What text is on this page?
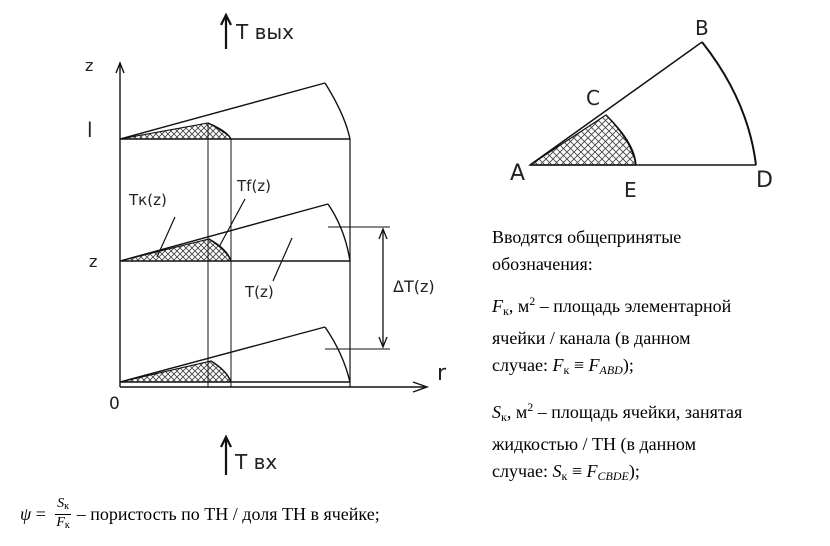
T вых
z
r
l
z
0
ΔT(z)
Tк(z)
Tf(z)
T(z)
T вх
A
B
C
D
E
Вводятся общепринятые
обозначения:
$F_к$, $м^2$ – площадь элементарной
ячейки / канала (в данном
случае: $F_к \equiv F_{ABD}$);
$S_к$, $м^2$ – площадь ячейки, занятая
жидкостью / ТН (в данном
случае: $S_к \equiv F_{CBDE}$);
$\psi = \frac{S_к}{F_к}$ – пористость по ТН / доля ТН в ячейке;
